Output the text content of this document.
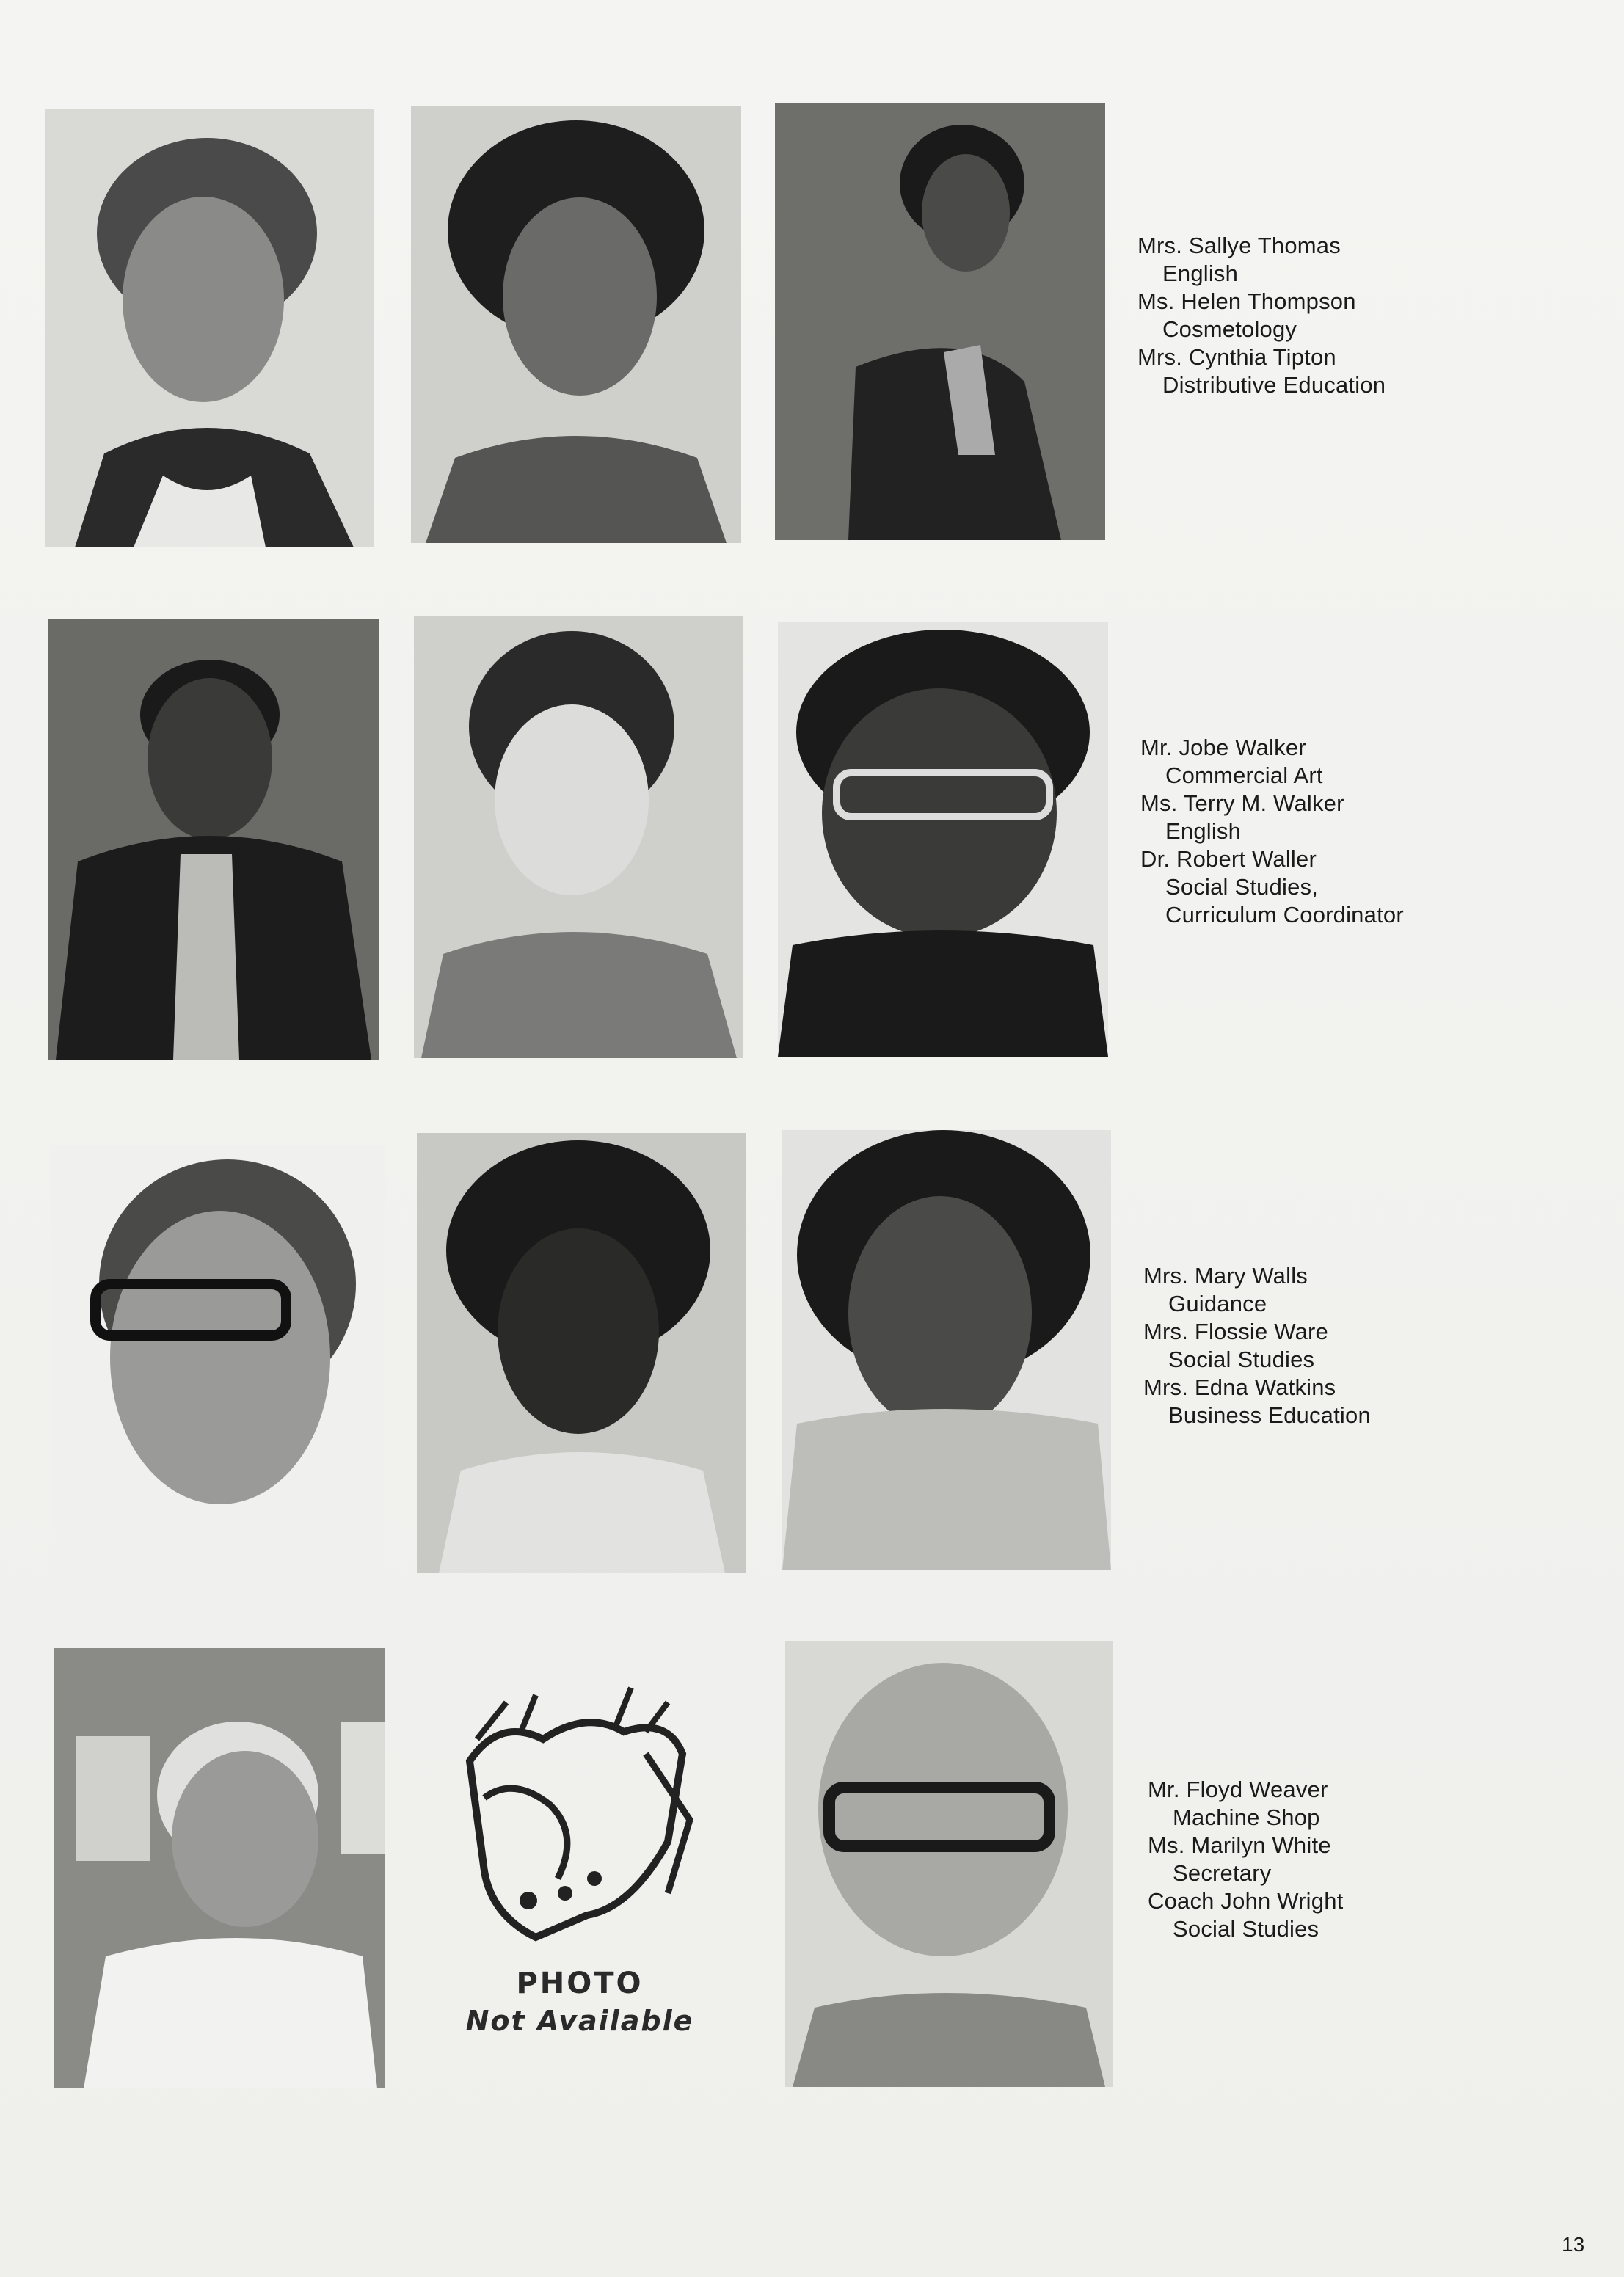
Mrs. Sallye Thomas
English
Ms. Helen Thompson
Cosmetology
Mrs. Cynthia Tipton
Distributive Education
Mr. Jobe Walker
Commercial Art
Ms. Terry M. Walker
English
Dr. Robert Waller
Social Studies,
Curriculum Coordinator
Mrs. Mary Walls
Guidance
Mrs. Flossie Ware
Social Studies
Mrs. Edna Watkins
Business Education
PHOTO
Not Available
Mr. Floyd Weaver
Machine Shop
Ms. Marilyn White
Secretary
Coach John Wright
Social Studies
13
